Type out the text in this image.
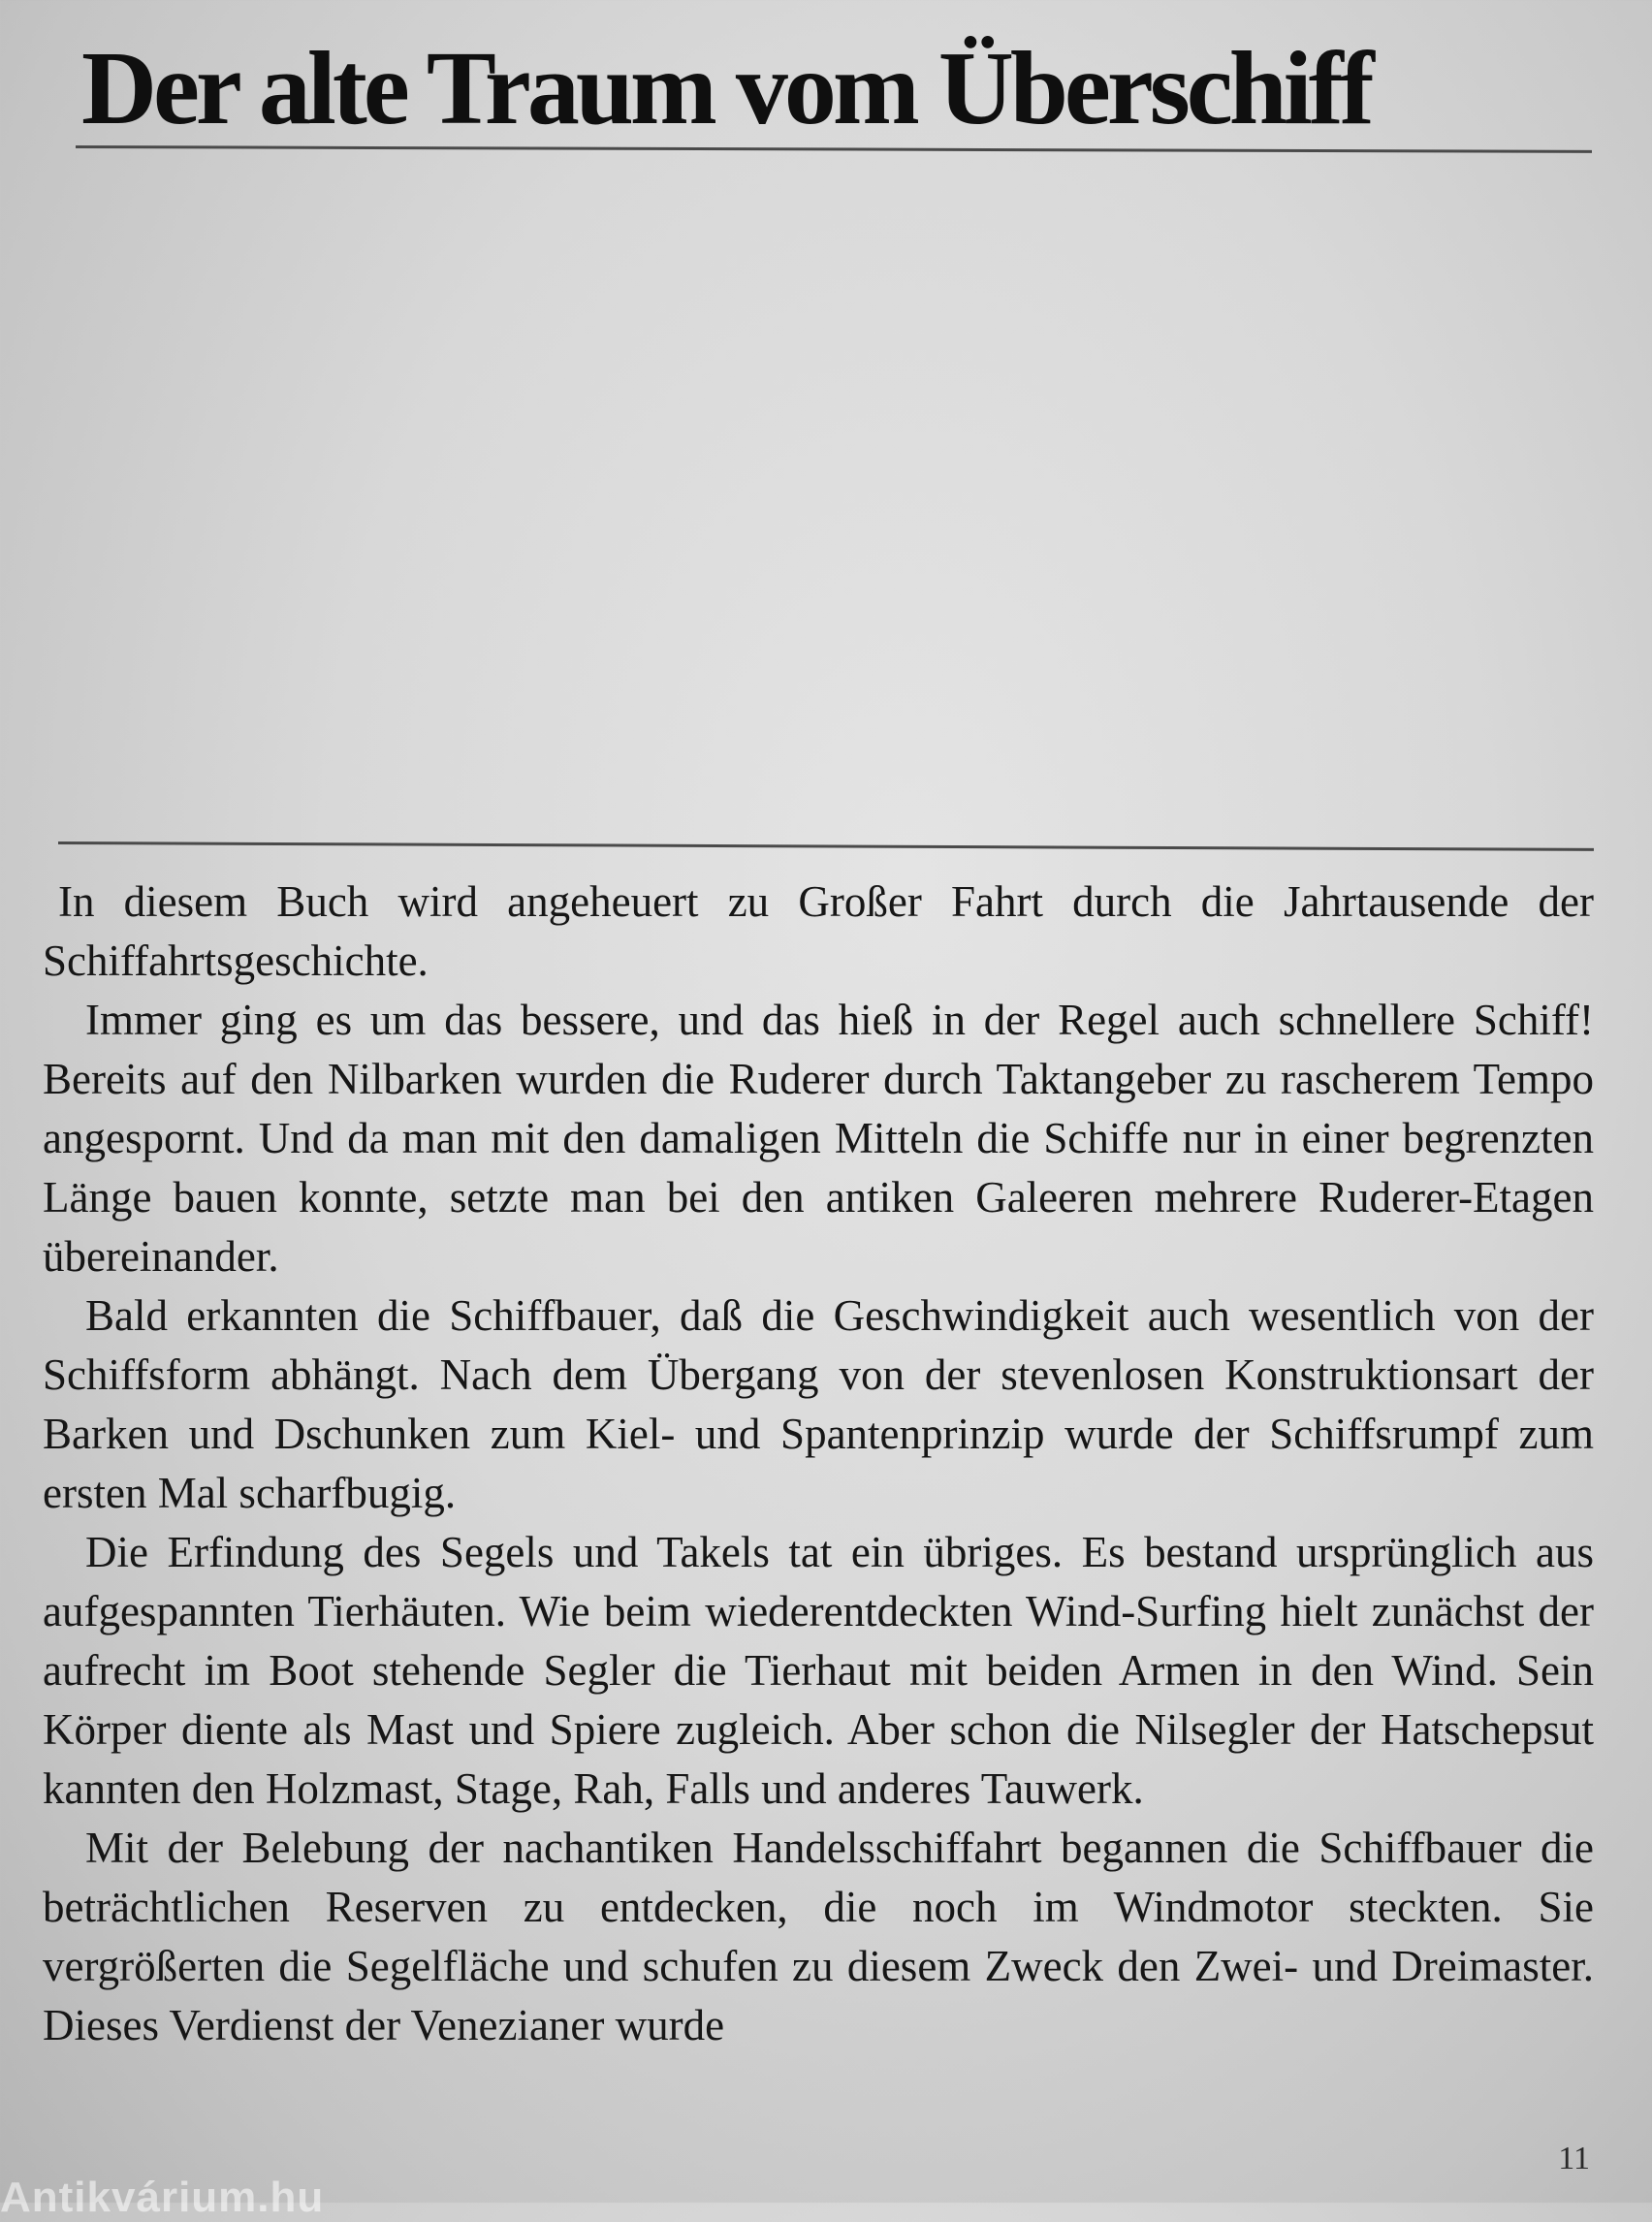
Der alte Traum vom Überschiff

In diesem Buch wird angeheuert zu Großer Fahrt durch die Jahrtausende der Schiffahrtsgeschichte.

Immer ging es um das bessere, und das hieß in der Regel auch schnellere Schiff! Bereits auf den Nilbarken wurden die Ruderer durch Taktangeber zu rascherem Tempo angespornt. Und da man mit den damaligen Mitteln die Schiffe nur in einer begrenzten Länge bauen konnte, setzte man bei den antiken Galeeren mehrere Ruderer-Etagen übereinander.

Bald erkannten die Schiffbauer, daß die Geschwindigkeit auch wesentlich von der Schiffsform abhängt. Nach dem Übergang von der stevenlosen Konstruktionsart der Barken und Dschunken zum Kiel- und Spantenprinzip wurde der Schiffsrumpf zum ersten Mal scharfbugig.

Die Erfindung des Segels und Takels tat ein übriges. Es bestand ursprünglich aus aufgespannten Tierhäuten. Wie beim wiederentdeckten Wind-Surfing hielt zunächst der aufrecht im Boot stehende Segler die Tierhaut mit beiden Armen in den Wind. Sein Körper diente als Mast und Spiere zugleich. Aber schon die Nilsegler der Hatschepsut kannten den Holzmast, Stage, Rah, Falls und anderes Tauwerk.

Mit der Belebung der nachantiken Handelsschiffahrt begannen die Schiffbauer die beträchtlichen Reserven zu entdecken, die noch im Windmotor steckten. Sie vergrößerten die Segelfläche und schufen zu diesem Zweck den Zwei- und Dreimaster. Dieses Verdienst der Venezianer wurde

11
Antikvárium.hu
